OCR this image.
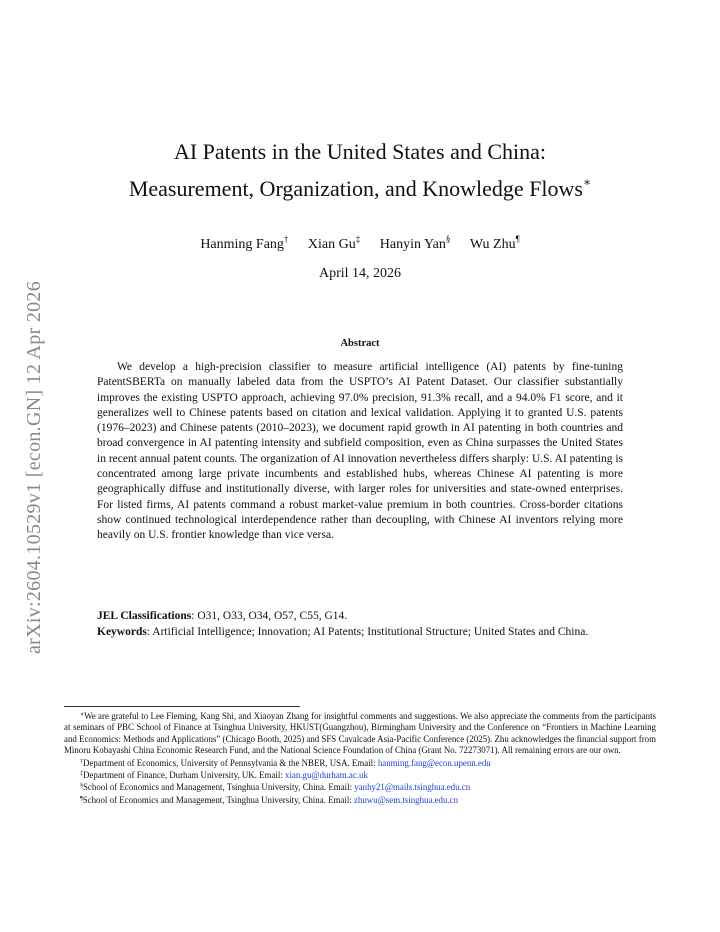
arXiv:2604.10529v1 [econ.GN] 12 Apr 2026
AI Patents in the United States and China:
Measurement, Organization, and Knowledge Flows∗
Hanming Fang† Xian Gu‡ Hanyin Yan§ Wu Zhu¶
April 14, 2026
Abstract

We develop a high-precision classifier to measure artificial intelligence (AI) patents by fine-tuning PatentSBERTa on manually labeled data from the USPTO’s AI Patent Dataset. Our classifier substantially improves the existing USPTO approach, achieving 97.0% precision, 91.3% recall, and a 94.0% F1 score, and it generalizes well to Chinese patents based on citation and lexical validation. Applying it to granted U.S. patents (1976–2023) and Chinese patents (2010–2023), we document rapid growth in AI patenting in both countries and broad convergence in AI patenting intensity and subfield composition, even as China surpasses the United States in recent annual patent counts. The organization of AI innovation nevertheless differs sharply: U.S. AI patenting is concentrated among large private incumbents and established hubs, whereas Chinese AI patenting is more geographically diffuse and institutionally diverse, with larger roles for universities and state-owned enterprises. For listed firms, AI patents command a robust market-value premium in both countries. Cross-border citations show continued technological interdependence rather than decoupling, with Chinese AI inventors relying more heavily on U.S. frontier knowledge than vice versa.

JEL Classifications: O31, O33, O34, O57, C55, G14.
Keywords: Artificial Intelligence; Innovation; AI Patents; Institutional Structure; United States and China.

∗We are grateful to Lee Fleming, Kang Shi, and Xiaoyan Zhang for insightful comments and suggestions. We also appreciate the comments from the participants at seminars of PBC School of Finance at Tsinghua University, HKUST(Guangzhou), Birmingham University and the Conference on “Frontiers in Machine Learning and Economics: Methods and Applications” (Chicago Booth, 2025) and SFS Cavalcade Asia-Pacific Conference (2025). Zhu acknowledges the financial support from Minoru Kobayashi China Economic Research Fund, and the National Science Foundation of China (Grant No. 72273071). All remaining errors are our own.

†Department of Economics, University of Pennsylvania & the NBER, USA. Email: hanming.fang@econ.upenn.edu

‡Department of Finance, Durham University, UK. Email: xian.gu@durham.ac.uk

§School of Economics and Management, Tsinghua University, China. Email: yanhy21@mails.tsinghua.edu.cn

¶School of Economics and Management, Tsinghua University, China. Email: zhuwu@sem.tsinghua.edu.cn
